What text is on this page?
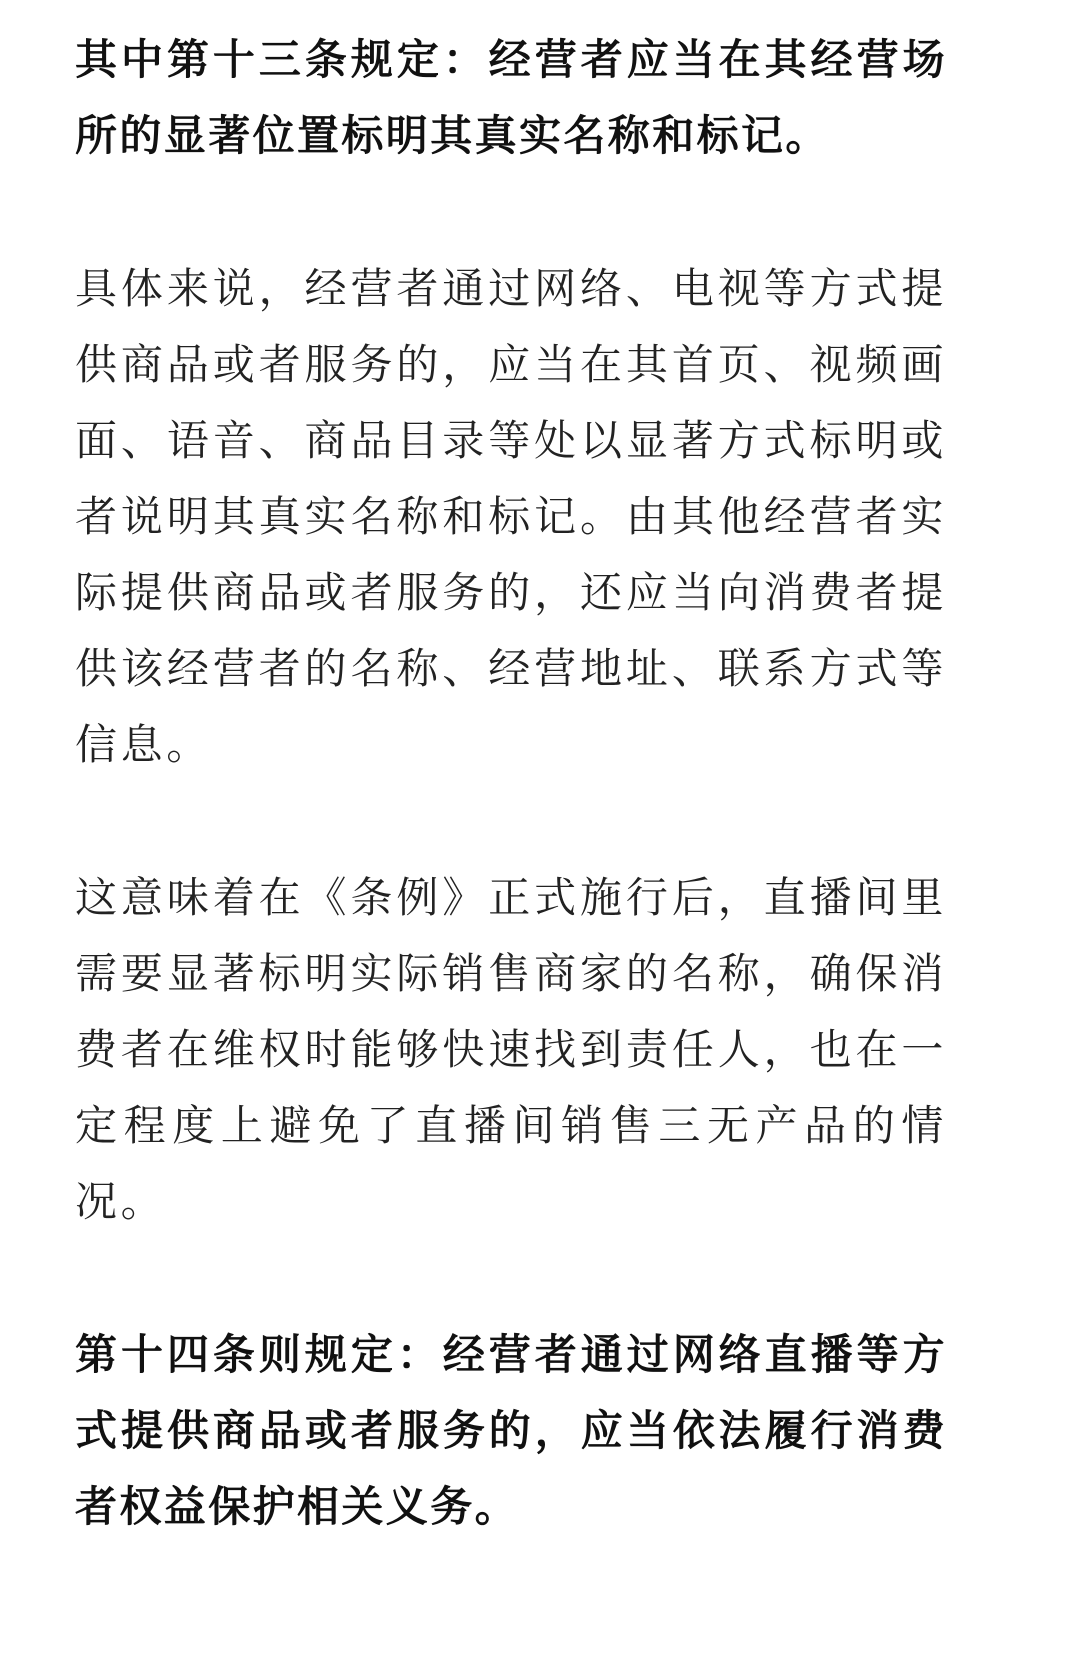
其中第十三条规定：经营者应当在其经营场
所的显著位置标明其真实名称和标记。

具体来说，经营者通过网络、电视等方式提
供商品或者服务的，应当在其首页、视频画
面、语音、商品目录等处以显著方式标明或
者说明其真实名称和标记。由其他经营者实
际提供商品或者服务的，还应当向消费者提
供该经营者的名称、经营地址、联系方式等
信息。

这意味着在《条例》正式施行后，直播间里
需要显著标明实际销售商家的名称，确保消
费者在维权时能够快速找到责任人，也在一
定程度上避免了直播间销售三无产品的情
况。

第十四条则规定：经营者通过网络直播等方
式提供商品或者服务的，应当依法履行消费
者权益保护相关义务。
